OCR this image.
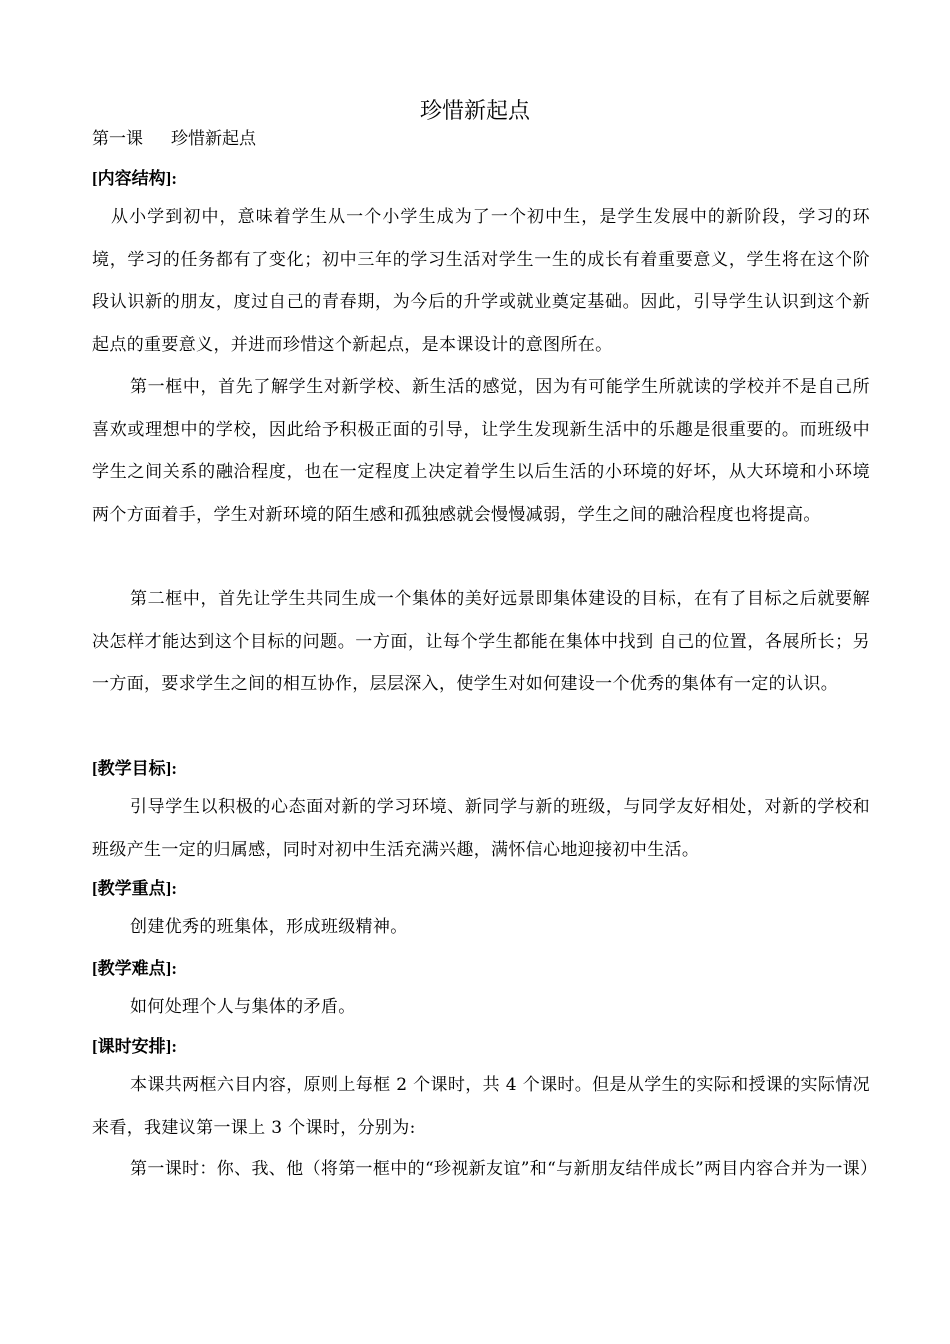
珍惜新起点
第一课 珍惜新起点
[内容结构]:
从小学到初中，意味着学生从一个小学生成为了一个初中生，是学生发展中的新阶段，学习的环境，学习的任务都有了变化；初中三年的学习生活对学生一生的成长有着重要意义，学生将在这个阶段认识新的朋友，度过自己的青春期，为今后的升学或就业奠定基础。因此，引导学生认识到这个新起点的重要意义，并进而珍惜这个新起点，是本课设计的意图所在。
第一框中，首先了解学生对新学校、新生活的感觉，因为有可能学生所就读的学校并不是自己所喜欢或理想中的学校，因此给予积极正面的引导，让学生发现新生活中的乐趣是很重要的。而班级中学生之间关系的融洽程度，也在一定程度上决定着学生以后生活的小环境的好坏，从大环境和小环境两个方面着手，学生对新环境的陌生感和孤独感就会慢慢减弱，学生之间的融洽程度也将提高。
第二框中，首先让学生共同生成一个集体的美好远景即集体建设的目标，在有了目标之后就要解决怎样才能达到这个目标的问题。一方面，让每个学生都能在集体中找到 自己的位置，各展所长；另一方面，要求学生之间的相互协作，层层深入，使学生对如何建设一个优秀的集体有一定的认识。
[教学目标]:
引导学生以积极的心态面对新的学习环境、新同学与新的班级，与同学友好相处，对新的学校和班级产生一定的归属感，同时对初中生活充满兴趣，满怀信心地迎接初中生活。
[教学重点]:
创建优秀的班集体，形成班级精神。
[教学难点]:
如何处理个人与集体的矛盾。
[课时安排]:
本课共两框六目内容，原则上每框 2 个课时，共 4 个课时。但是从学生的实际和授课的实际情况来看，我建议第一课上 3 个课时，分别为:
第一课时：你、我、他（将第一框中的“珍视新友谊”和“与新朋友结伴成长”两目内容合并为一课）
